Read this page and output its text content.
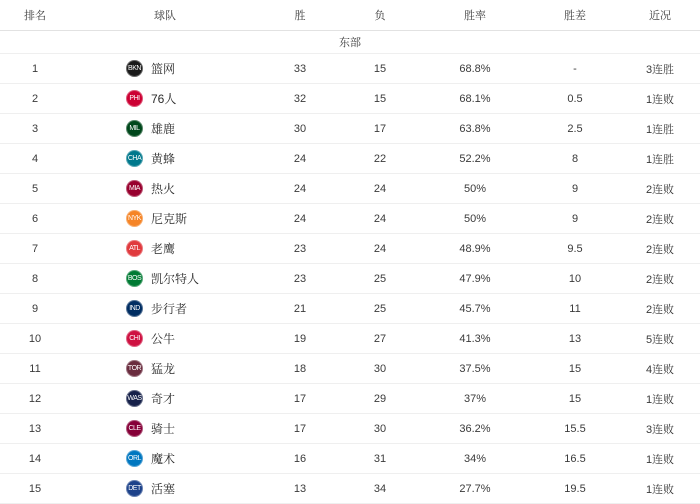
排名	球队	胜	负	胜率	胜差	近况
东部						
1	BKN 篮网	33	15	68.8%	-	3连胜
2	PHI 76人	32	15	68.1%	0.5	1连败
3	MIL 雄鹿	30	17	63.8%	2.5	1连胜
4	CHA 黄蜂	24	22	52.2%	8	1连胜
5	MIA 热火	24	24	50%	9	2连败
6	NYK 尼克斯	24	24	50%	9	2连败
7	ATL 老鹰	23	24	48.9%	9.5	2连败
8	BOS 凯尔特人	23	25	47.9%	10	2连败
9	IND 步行者	21	25	45.7%	11	2连败
10	CHI 公牛	19	27	41.3%	13	5连败
11	TOR 猛龙	18	30	37.5%	15	4连败
12	WAS 奇才	17	29	37%	15	1连败
13	CLE 骑士	17	30	36.2%	15.5	3连败
14	ORL 魔术	16	31	34%	16.5	1连败
15	DET 活塞	13	34	27.7%	19.5	1连败
